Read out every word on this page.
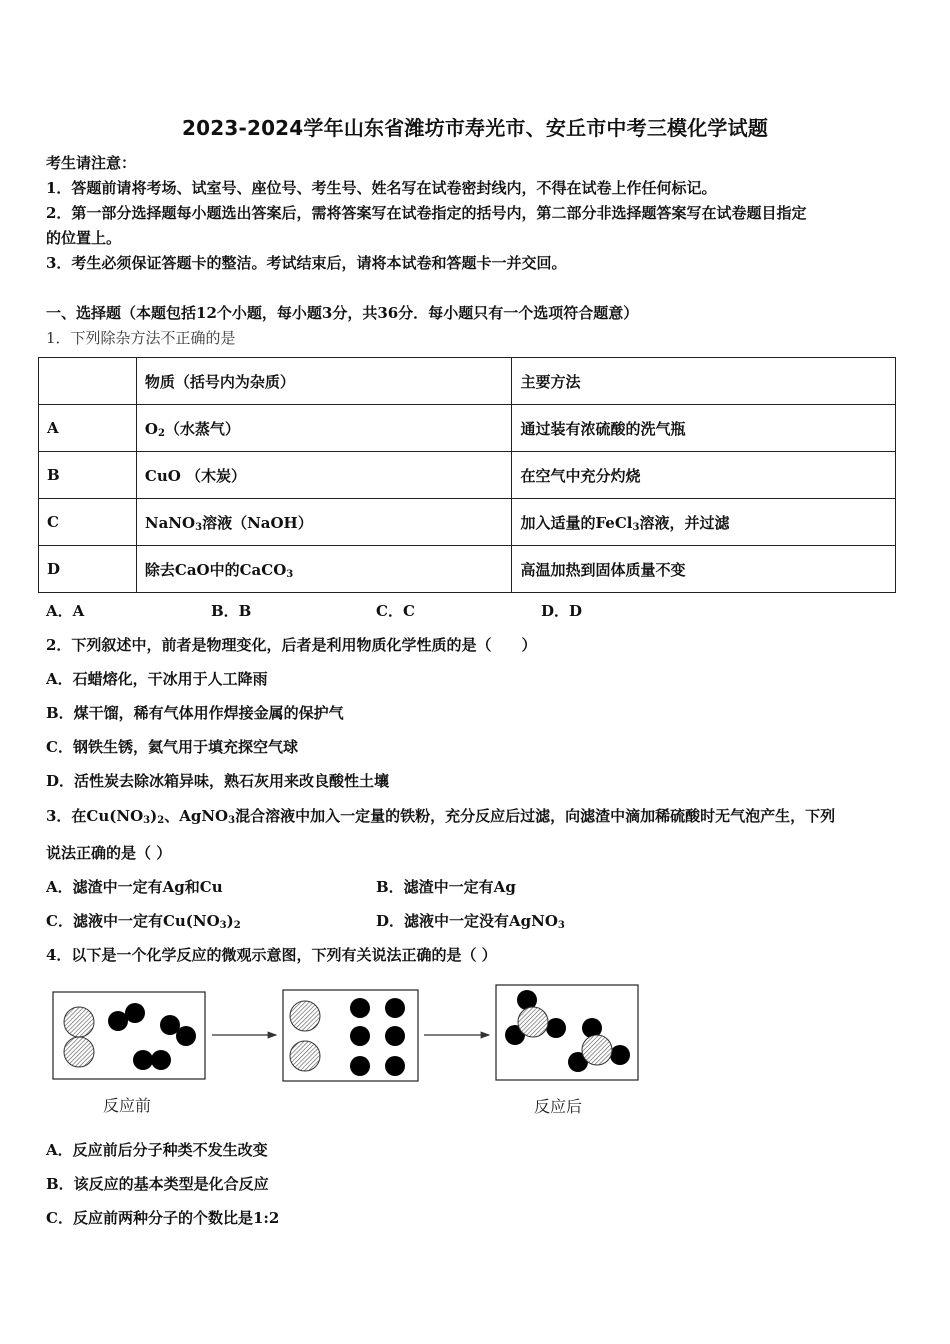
2023-2024学年山东省潍坊市寿光市、安丘市中考三模化学试题
考生请注意：
1．答题前请将考场、试室号、座位号、考生号、姓名写在试卷密封线内，不得在试卷上作任何标记。
2．第一部分选择题每小题选出答案后，需将答案写在试卷指定的括号内，第二部分非选择题答案写在试卷题目指定
的位置上。
3．考生必须保证答题卡的整洁。考试结束后，请将本试卷和答题卡一并交回。
一、选择题（本题包括12个小题，每小题3分，共36分．每小题只有一个选项符合题意）
1．下列除杂方法不正确的是
	物质（括号内为杂质）	主要方法
A	$O_2$（水蒸气）	通过装有浓硫酸的洗气瓶
B	CuO （木炭）	在空气中充分灼烧
C	NaNO$_3$溶液（NaOH）	加入适量的FeCl$_3$溶液，并过滤
D	除去CaO中的CaCO$_3$	高温加热到固体质量不变
A．A	B．B	C．C	D．D
2．下列叙述中，前者是物理变化，后者是利用物质化学性质的是（　　）
A．石蜡熔化，干冰用于人工降雨
B．煤干馏，稀有气体用作焊接金属的保护气
C．钢铁生锈，氦气用于填充探空气球
D．活性炭去除冰箱异味，熟石灰用来改良酸性土壤
3．在$Cu(NO_3)_2$、AgNO$_3$混合溶液中加入一定量的铁粉，充分反应后过滤，向滤渣中滴加稀硫酸时无气泡产生，下列
说法正确的是（ ）
A．滤渣中一定有Ag和Cu	B．滤渣中一定有Ag
C．滤液中一定有$Cu(NO_3)_2$	D．滤液中一定没有AgNO$_3$
4．以下是一个化学反应的微观示意图，下列有关说法正确的是（ ）
反应前	反应后
A．反应前后分子种类不发生改变
B．该反应的基本类型是化合反应
C．反应前两种分子的个数比是1:2
